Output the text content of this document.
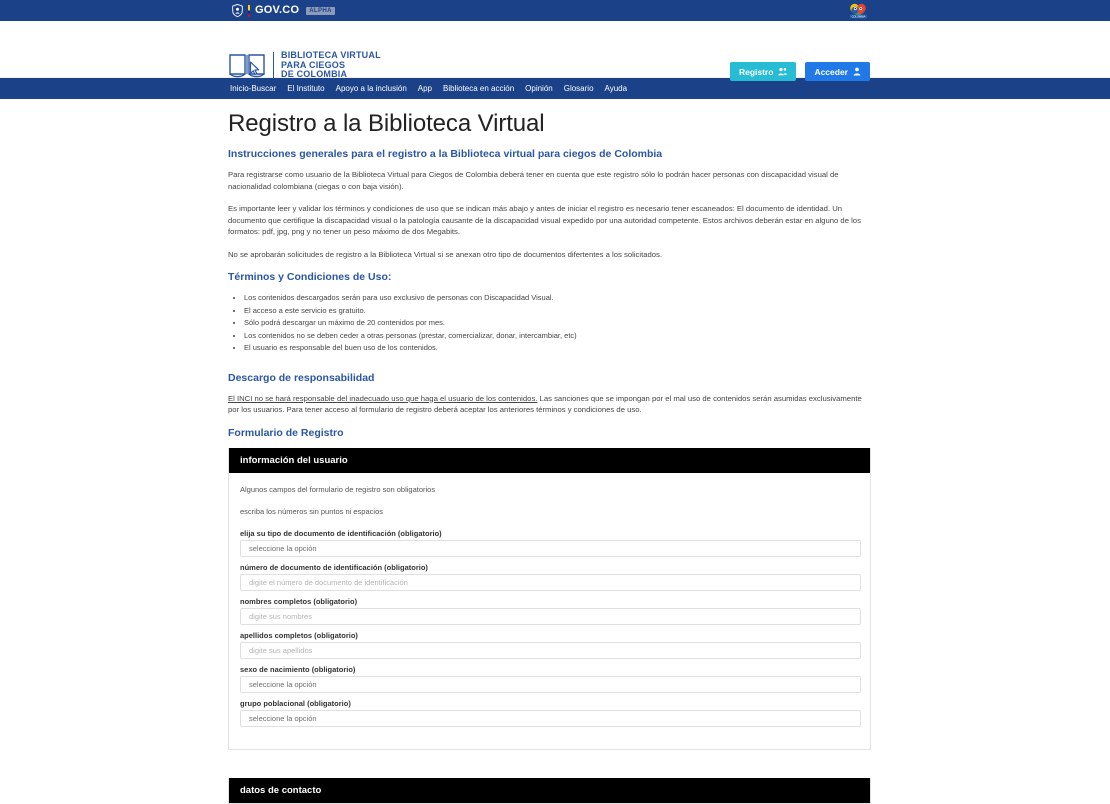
GOV.CO	ALPHA
COLOMBIA
BIBLIOTECA VIRTUAL
PARA CIEGOS
DE COLOMBIA	Registro	Acceder
Inicio-Buscar El Instituto Apoyo a la inclusión App Biblioteca en acción Opinión Glosario Ayuda
Registro a la Biblioteca Virtual
Instrucciones generales para el registro a la Biblioteca virtual para ciegos de Colombia

Para registrarse como usuario de la Biblioteca Virtual para Ciegos de Colombia deberá tener en cuenta que este registro sólo lo podrán hacer personas con discapacidad visual de nacionalidad colombiana (ciegas o con baja visión).

Es importante leer y validar los términos y condiciones de uso que se indican más abajo y antes de iniciar el registro es necesario tener escaneados: El documento de identidad. Un documento que certifique la discapacidad visual o la patología causante de la discapacidad visual expedido por una autoridad competente. Estos archivos deberán estar en alguno de los formatos: pdf, jpg, png y no tener un peso máximo de dos Megabits.

No se aprobarán solicitudes de registro a la Biblioteca Virtual si se anexan otro tipo de documentos difertentes a los solicitados.

Términos y Condiciones de Uso:
• Los contenidos descargados serán para uso exclusivo de personas con Discapacidad Visual.
• El acceso a este servicio es gratuito.
• Sólo podrá descargar un máximo de 20 contenidos por mes.
• Los contenidos no se deben ceder a otras personas (prestar, comercializar, donar, intercambiar, etc)
• El usuario es responsable del buen uso de los contenidos.
Descargo de responsabilidad

El INCI no se hará responsable del inadecuado uso que haga el usuario de los contenidos. Las sanciones que se impongan por el mal uso de contenidos serán asumidas exclusivamente por los usuarios. Para tener acceso al formulario de registro deberá aceptar los anteriores términos y condiciones de uso.

Formulario de Registro
información del usuario

Algunos campos del formulario de registro son obligatorios

escriba los números sin puntos ni espacios

elija su tipo de documento de identificación (obligatorio)
seleccione la opción
número de documento de identificación (obligatorio)
digite el número de documento de identificación
nombres completos (obligatorio)
digite sus nombres
apellidos completos (obligatorio)
digite sus apellidos
sexo de nacimiento (obligatorio)
seleccione la opción
grupo poblacional (obligatorio)
seleccione la opción
datos de contacto
